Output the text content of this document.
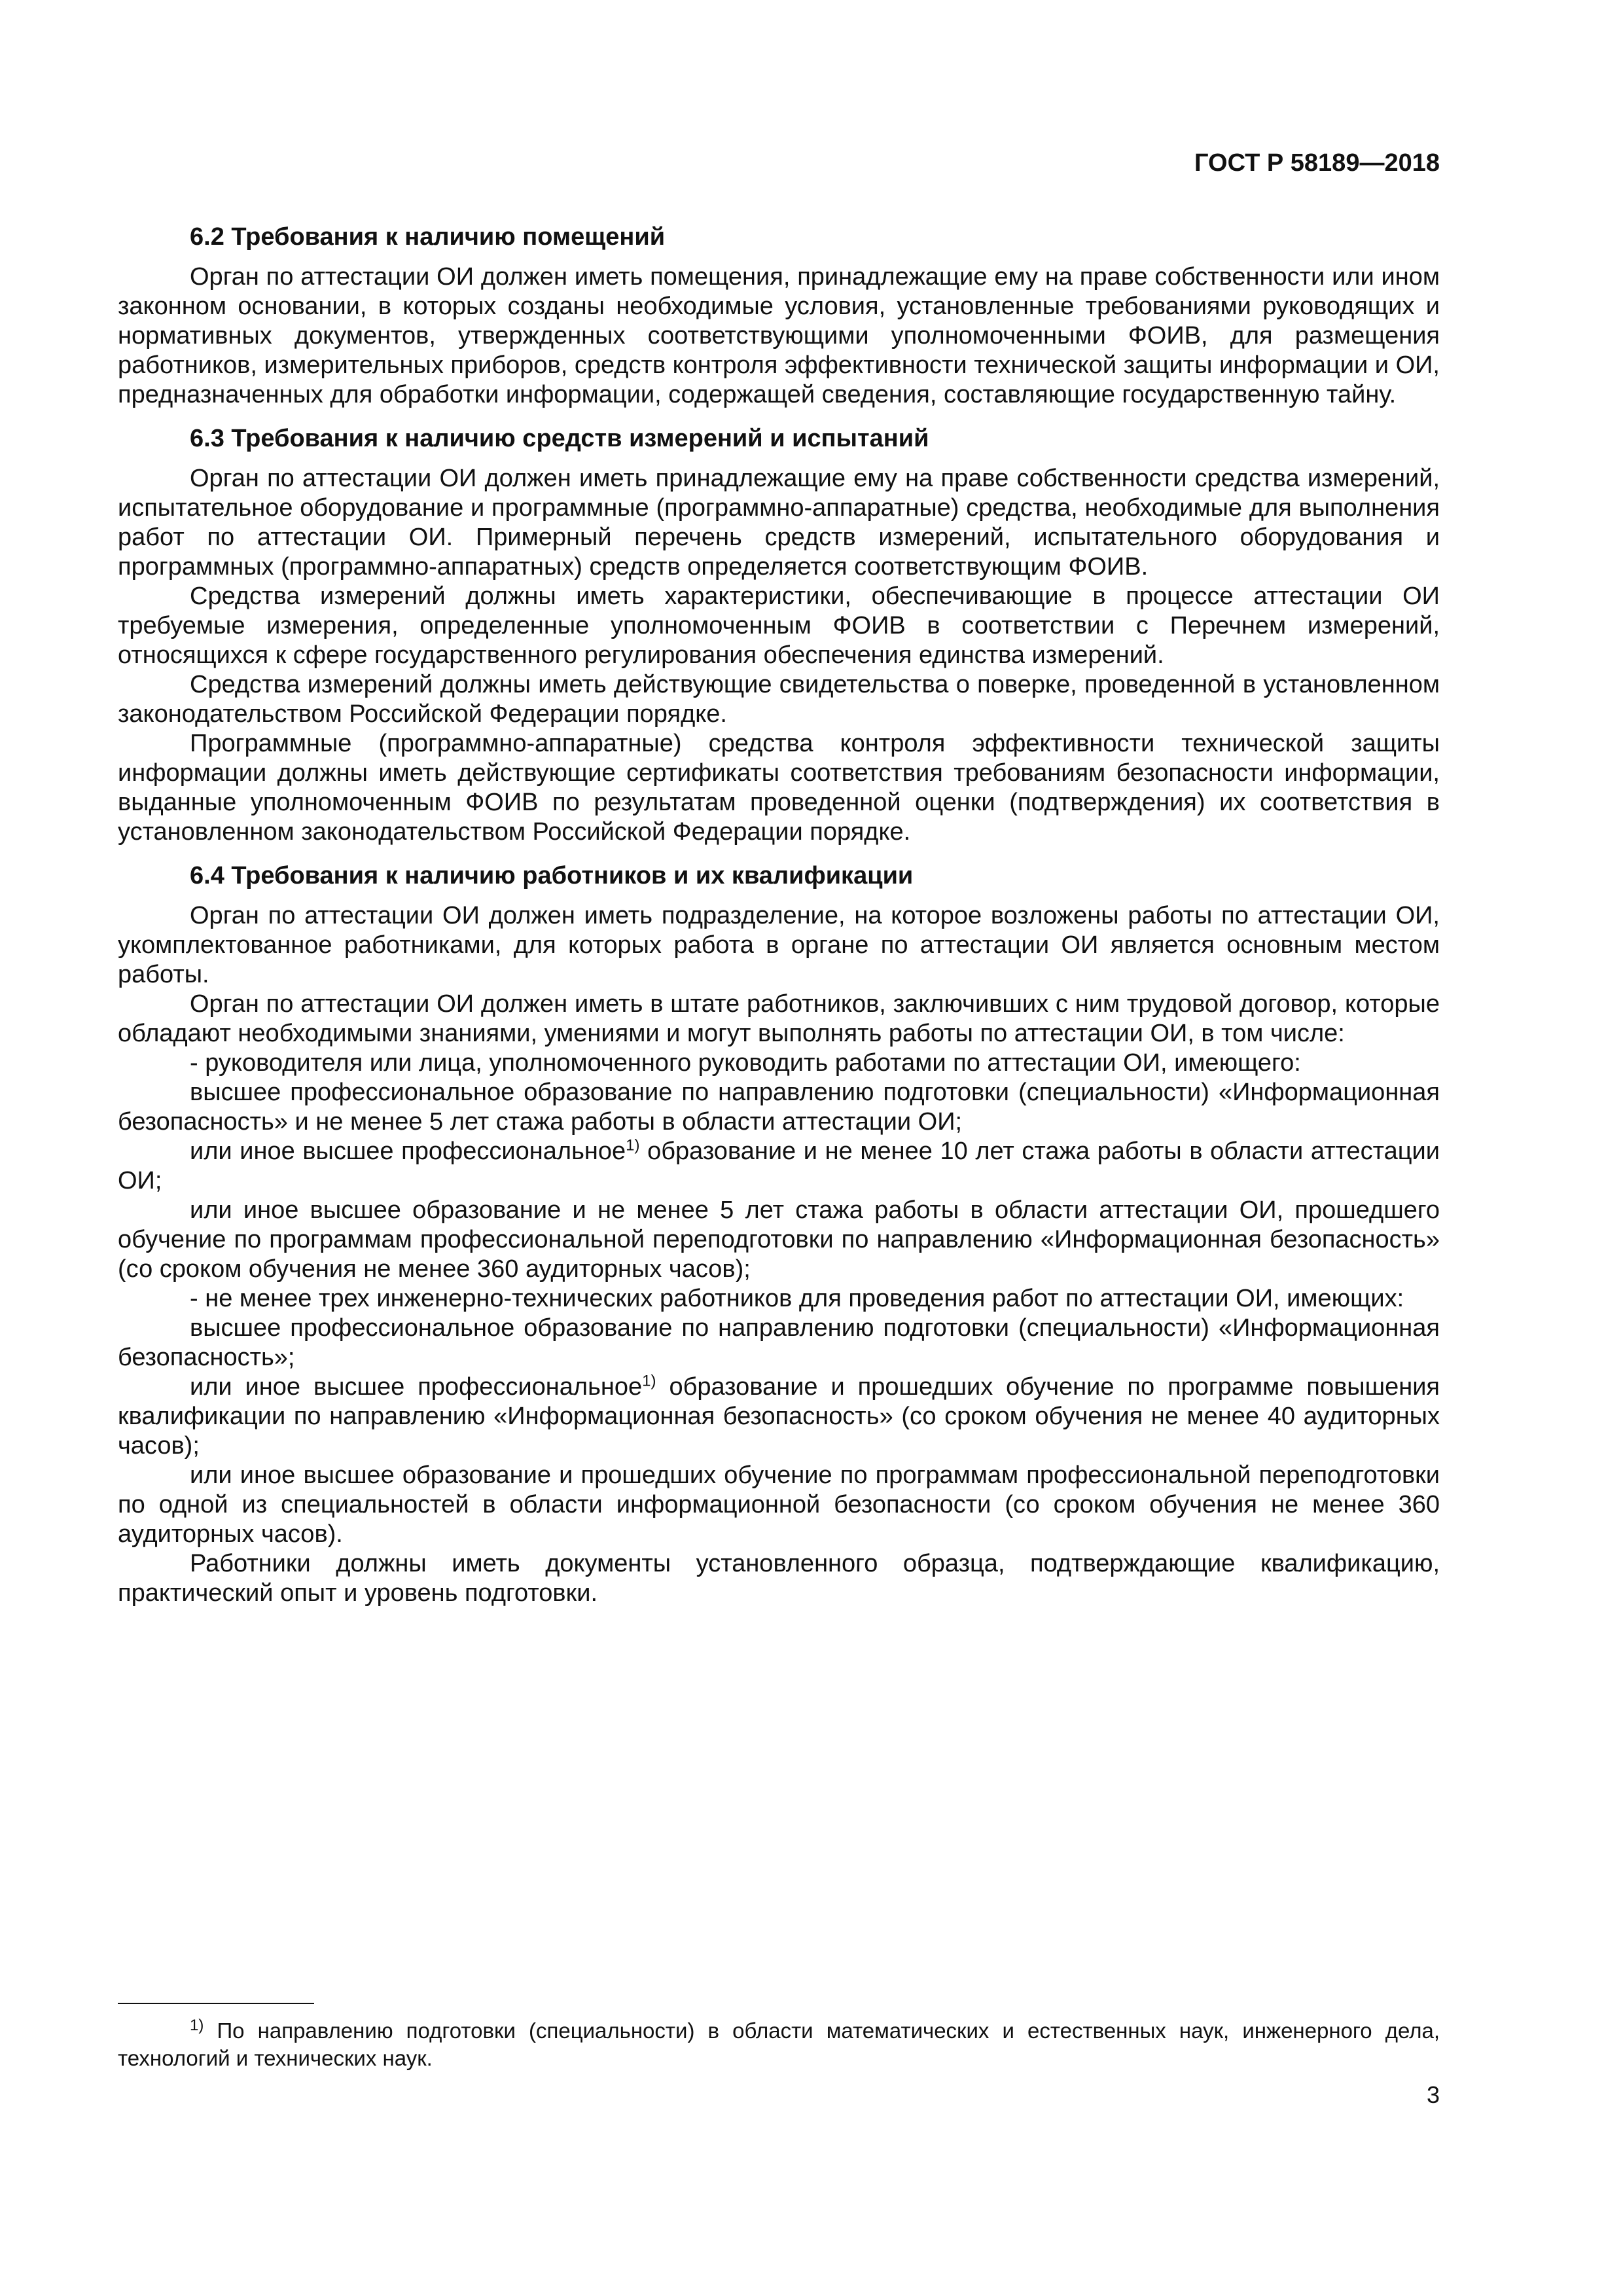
ГОСТ Р 58189—2018
6.2 Требования к наличию помещений

Орган по аттестации ОИ должен иметь помещения, принадлежащие ему на праве собственности или ином законном основании, в которых созданы необходимые условия, установленные требованиями руководящих и нормативных документов, утвержденных соответствующими уполномоченными ФОИВ, для размещения работников, измерительных приборов, средств контроля эффективности технической защиты информации и ОИ, предназначенных для обработки информации, содержащей сведения, составляющие государственную тайну.

6.3 Требования к наличию средств измерений и испытаний

Орган по аттестации ОИ должен иметь принадлежащие ему на праве собственности средства измерений, испытательное оборудование и программные (программно-аппаратные) средства, необходимые для выполнения работ по аттестации ОИ. Примерный перечень средств измерений, испытательного оборудования и программных (программно-аппаратных) средств определяется соответствующим ФОИВ.

Средства измерений должны иметь характеристики, обеспечивающие в процессе аттестации ОИ требуемые измерения, определенные уполномоченным ФОИВ в соответствии с Перечнем измерений, относящихся к сфере государственного регулирования обеспечения единства измерений.

Средства измерений должны иметь действующие свидетельства о поверке, проведенной в установленном законодательством Российской Федерации порядке.

Программные (программно-аппаратные) средства контроля эффективности технической защиты информации должны иметь действующие сертификаты соответствия требованиям безопасности информации, выданные уполномоченным ФОИВ по результатам проведенной оценки (подтверждения) их соответствия в установленном законодательством Российской Федерации порядке.

6.4 Требования к наличию работников и их квалификации

Орган по аттестации ОИ должен иметь подразделение, на которое возложены работы по аттестации ОИ, укомплектованное работниками, для которых работа в органе по аттестации ОИ является основным местом работы.

Орган по аттестации ОИ должен иметь в штате работников, заключивших с ним трудовой договор, которые обладают необходимыми знаниями, умениями и могут выполнять работы по аттестации ОИ, в том числе:

- руководителя или лица, уполномоченного руководить работами по аттестации ОИ, имеющего:

высшее профессиональное образование по направлению подготовки (специальности) «Информационная безопасность» и не менее 5 лет стажа работы в области аттестации ОИ;

или иное высшее профессиональное$^{1)}$ образование и не менее 10 лет стажа работы в области аттестации ОИ;

или иное высшее образование и не менее 5 лет стажа работы в области аттестации ОИ, прошедшего обучение по программам профессиональной переподготовки по направлению «Информационная безопасность» (со сроком обучения не менее 360 аудиторных часов);

- не менее трех инженерно-технических работников для проведения работ по аттестации ОИ, имеющих:

высшее профессиональное образование по направлению подготовки (специальности) «Информационная безопасность»;

или иное высшее профессиональное$^{1)}$ образование и прошедших обучение по программе повышения квалификации по направлению «Информационная безопасность» (со сроком обучения не менее 40 аудиторных часов);

или иное высшее образование и прошедших обучение по программам профессиональной переподготовки по одной из специальностей в области информационной безопасности (со сроком обучения не менее 360 аудиторных часов).

Работники должны иметь документы установленного образца, подтверждающие квалификацию, практический опыт и уровень подготовки.

$^{1)}$ По направлению подготовки (специальности) в области математических и естественных наук, инженерного дела, технологий и технических наук.

3
